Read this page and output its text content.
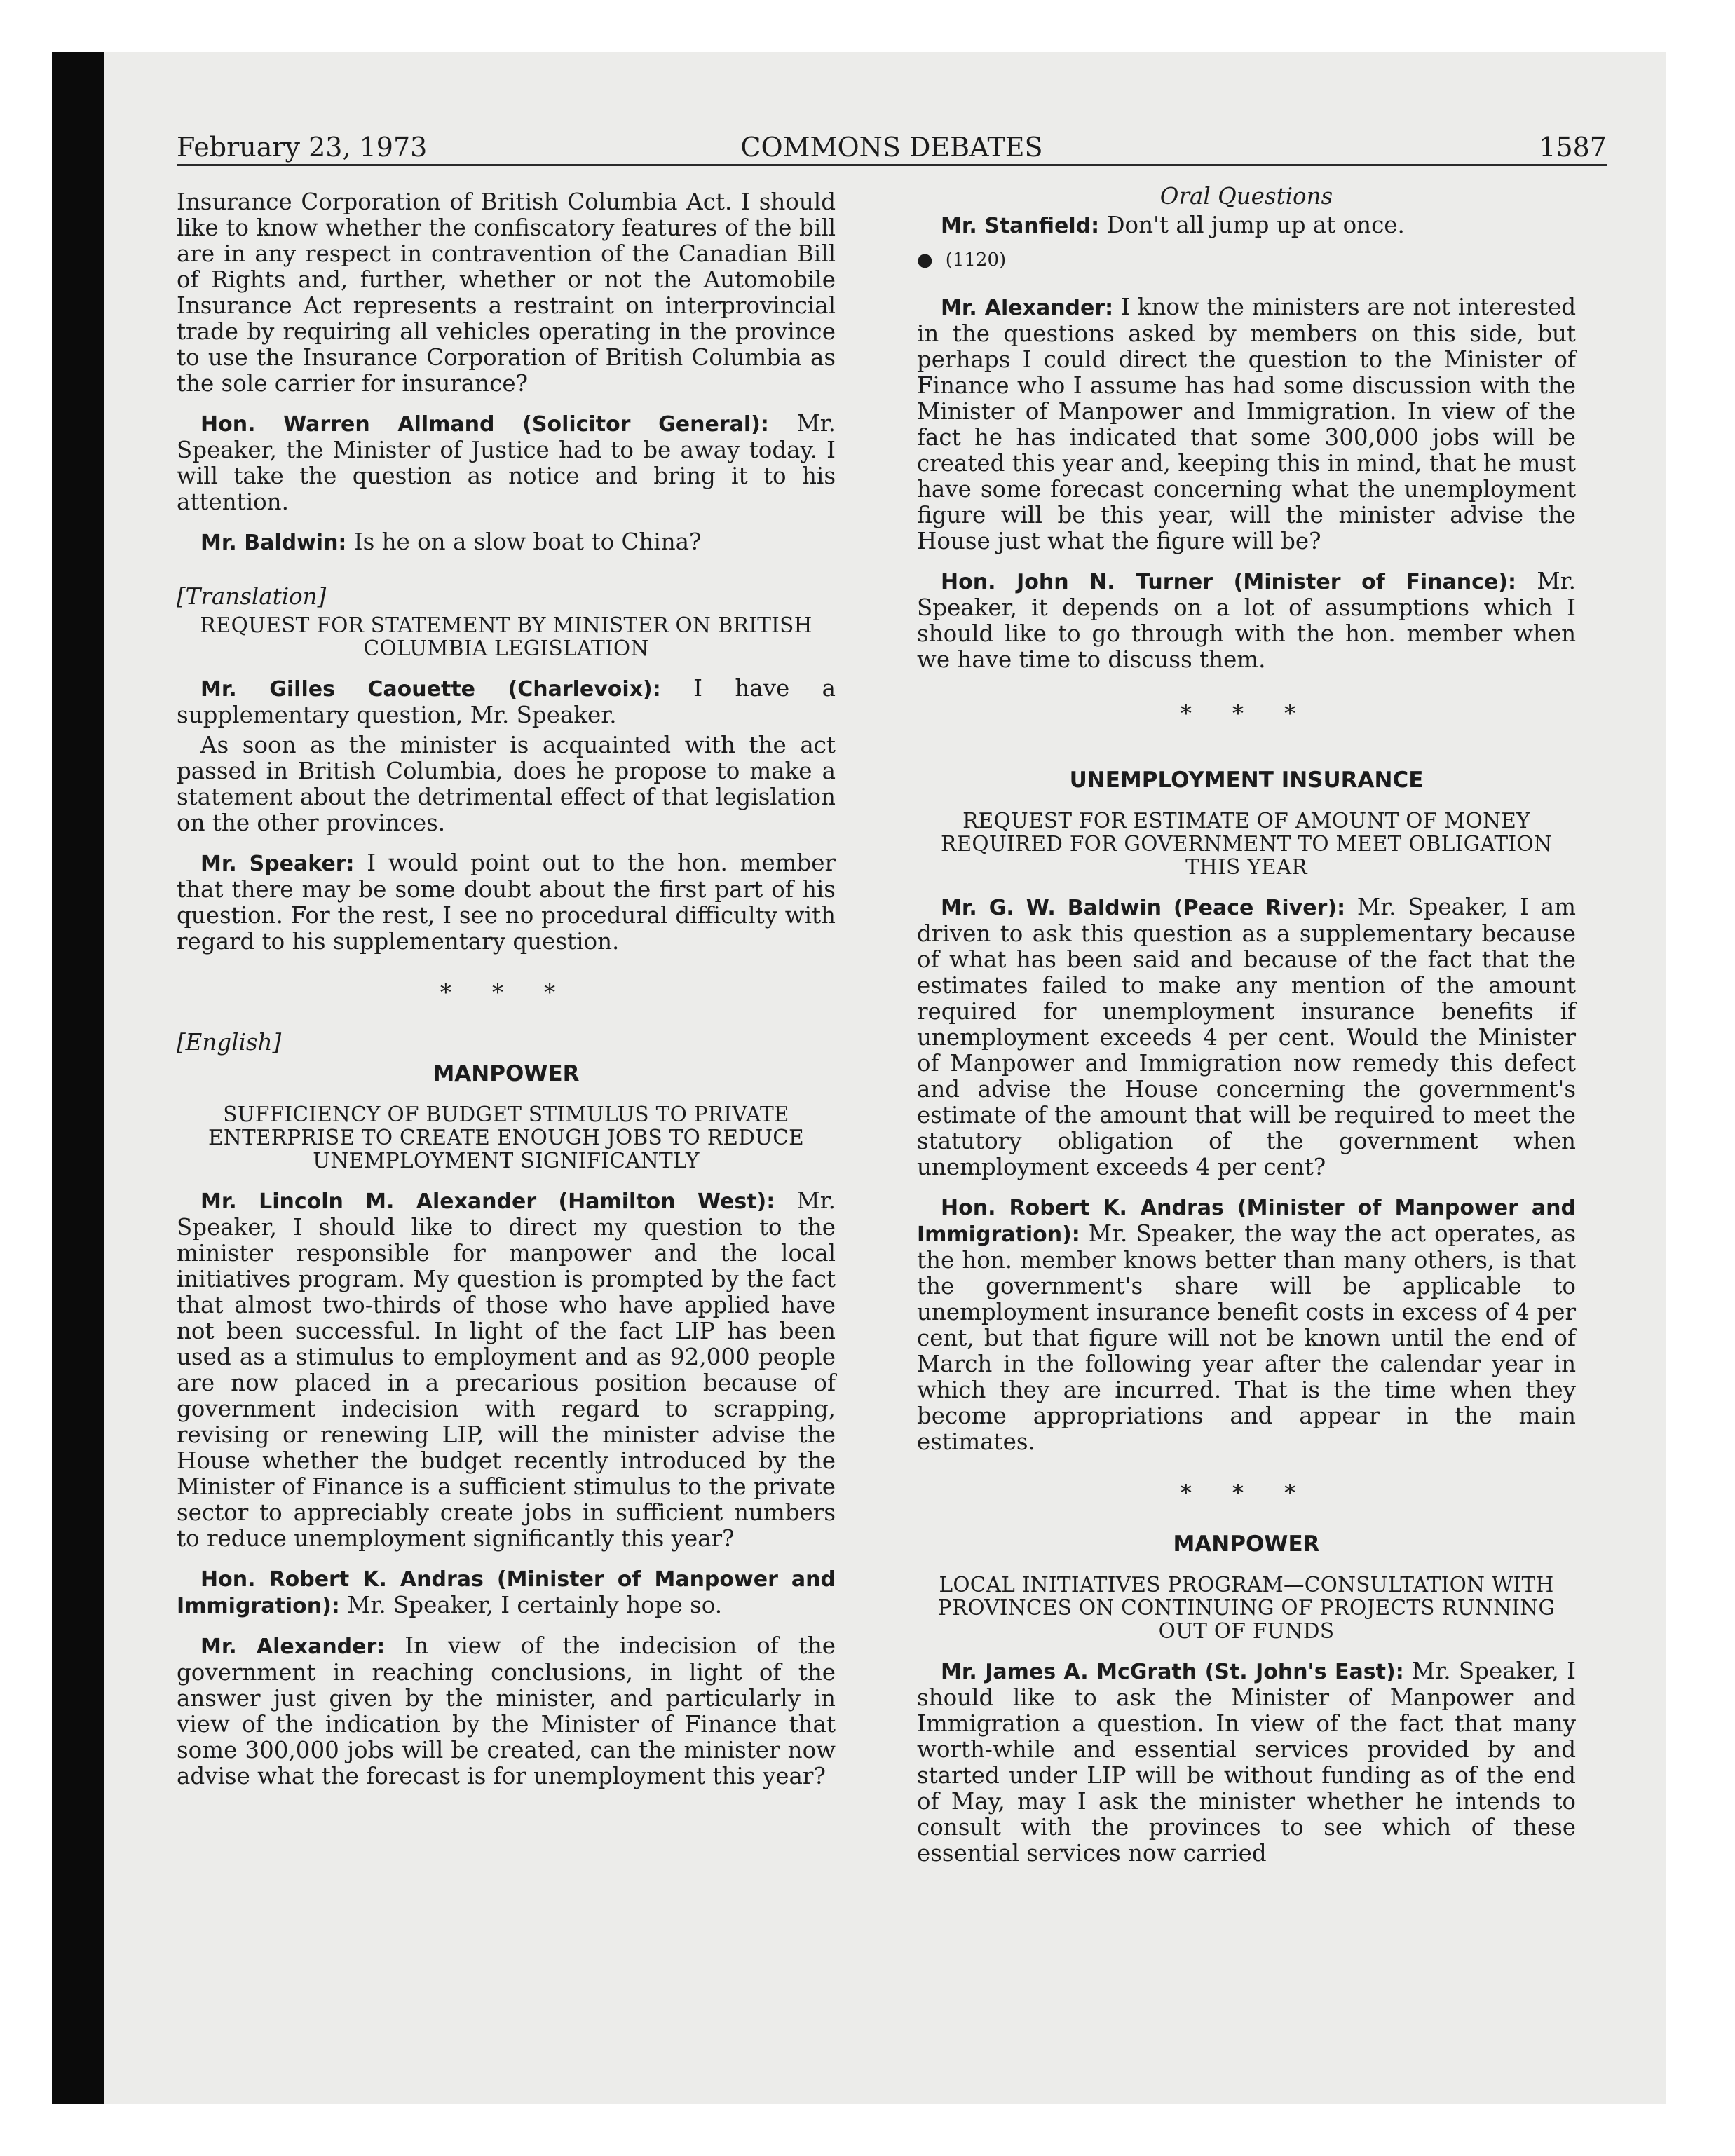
February 23, 1973	COMMONS DEBATES	1587

Insurance Corporation of British Columbia Act. I should like to know whether the confiscatory features of the bill are in any respect in contravention of the Canadian Bill of Rights and, further, whether or not the Automobile Insurance Act represents a restraint on interprovincial trade by requiring all vehicles operating in the province to use the Insurance Corporation of British Columbia as the sole carrier for insurance?

Hon. Warren Allmand (Solicitor General): Mr. Speaker, the Minister of Justice had to be away today. I will take the question as notice and bring it to his attention.

Mr. Baldwin: Is he on a slow boat to China?

[Translation]

REQUEST FOR STATEMENT BY MINISTER ON BRITISH COLUMBIA LEGISLATION

Mr. Gilles Caouette (Charlevoix): I have a supplementary question, Mr. Speaker.

As soon as the minister is acquainted with the act passed in British Columbia, does he propose to make a statement about the detrimental effect of that legislation on the other provinces.

Mr. Speaker: I would point out to the hon. member that there may be some doubt about the first part of his question. For the rest, I see no procedural difficulty with regard to his supplementary question.

* * *

[English]

MANPOWER

SUFFICIENCY OF BUDGET STIMULUS TO PRIVATE ENTERPRISE TO CREATE ENOUGH JOBS TO REDUCE UNEMPLOYMENT SIGNIFICANTLY

Mr. Lincoln M. Alexander (Hamilton West): Mr. Speaker, I should like to direct my question to the minister responsible for manpower and the local initiatives program. My question is prompted by the fact that almost two-thirds of those who have applied have not been successful. In light of the fact LIP has been used as a stimulus to employment and as 92,000 people are now placed in a precarious position because of government indecision with regard to scrapping, revising or renewing LIP, will the minister advise the House whether the budget recently introduced by the Minister of Finance is a sufficient stimulus to the private sector to appreciably create jobs in sufficient numbers to reduce unemployment significantly this year?

Hon. Robert K. Andras (Minister of Manpower and Immigration): Mr. Speaker, I certainly hope so.

Mr. Alexander: In view of the indecision of the government in reaching conclusions, in light of the answer just given by the minister, and particularly in view of the indication by the Minister of Finance that some 300,000 jobs will be created, can the minister now advise what the forecast is for unemployment this year?

Oral Questions

Mr. Stanfield: Don't all jump up at once.

● (1120)

Mr. Alexander: I know the ministers are not interested in the questions asked by members on this side, but perhaps I could direct the question to the Minister of Finance who I assume has had some discussion with the Minister of Manpower and Immigration. In view of the fact he has indicated that some 300,000 jobs will be created this year and, keeping this in mind, that he must have some forecast concerning what the unemployment figure will be this year, will the minister advise the House just what the figure will be?

Hon. John N. Turner (Minister of Finance): Mr. Speaker, it depends on a lot of assumptions which I should like to go through with the hon. member when we have time to discuss them.

* * *

UNEMPLOYMENT INSURANCE

REQUEST FOR ESTIMATE OF AMOUNT OF MONEY REQUIRED FOR GOVERNMENT TO MEET OBLIGATION THIS YEAR

Mr. G. W. Baldwin (Peace River): Mr. Speaker, I am driven to ask this question as a supplementary because of what has been said and because of the fact that the estimates failed to make any mention of the amount required for unemployment insurance benefits if unemployment exceeds 4 per cent. Would the Minister of Manpower and Immigration now remedy this defect and advise the House concerning the government's estimate of the amount that will be required to meet the statutory obligation of the government when unemployment exceeds 4 per cent?

Hon. Robert K. Andras (Minister of Manpower and Immigration): Mr. Speaker, the way the act operates, as the hon. member knows better than many others, is that the government's share will be applicable to unemployment insurance benefit costs in excess of 4 per cent, but that figure will not be known until the end of March in the following year after the calendar year in which they are incurred. That is the time when they become appropriations and appear in the main estimates.

* * *

MANPOWER

LOCAL INITIATIVES PROGRAM—CONSULTATION WITH PROVINCES ON CONTINUING OF PROJECTS RUNNING OUT OF FUNDS

Mr. James A. McGrath (St. John's East): Mr. Speaker, I should like to ask the Minister of Manpower and Immigration a question. In view of the fact that many worth-while and essential services provided by and started under LIP will be without funding as of the end of May, may I ask the minister whether he intends to consult with the provinces to see which of these essential services now carried
